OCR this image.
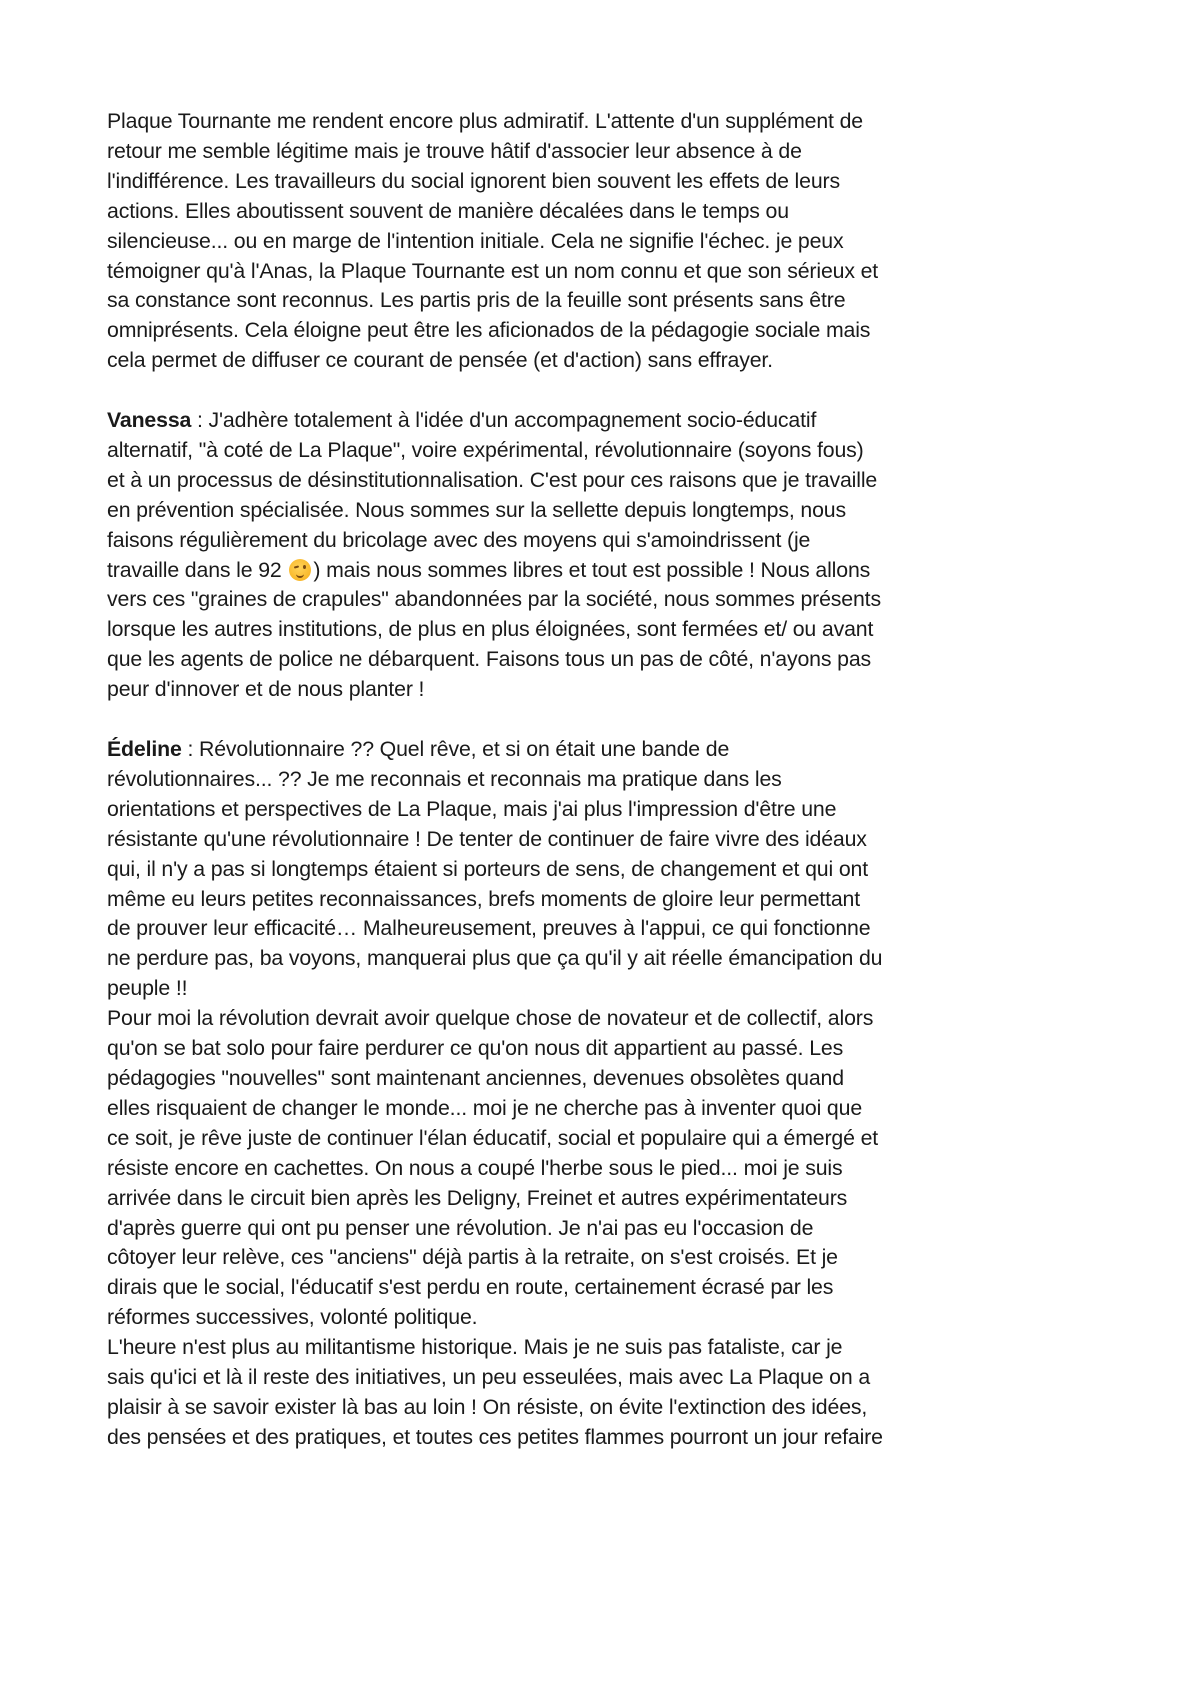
Plaque Tournante me rendent encore plus admiratif. L'attente d'un supplément de
retour me semble légitime mais je trouve hâtif d'associer leur absence à de
l'indifférence. Les travailleurs du social ignorent bien souvent les effets de leurs
actions. Elles aboutissent souvent de manière décalées dans le temps ou
silencieuse... ou en marge de l'intention initiale. Cela ne signifie l'échec. je peux
témoigner qu'à l'Anas, la Plaque Tournante est un nom connu et que son sérieux et
sa constance sont reconnus. Les partis pris de la feuille sont présents sans être
omniprésents. Cela éloigne peut être les aficionados de la pédagogie sociale mais
cela permet de diffuser ce courant de pensée (et d'action) sans effrayer.
Vanessa : J'adhère totalement à l'idée d'un accompagnement socio-éducatif
alternatif, "à coté de La Plaque", voire expérimental, révolutionnaire (soyons fous)
et à un processus de désinstitutionnalisation. C'est pour ces raisons que je travaille
en prévention spécialisée. Nous sommes sur la sellette depuis longtemps, nous
faisons régulièrement du bricolage avec des moyens qui s'amoindrissent (je
travaille dans le 92
) mais nous sommes libres et tout est possible ! Nous allons
vers ces "graines de crapules" abandonnées par la société, nous sommes présents
lorsque les autres institutions, de plus en plus éloignées, sont fermées et/ ou avant
que les agents de police ne débarquent. Faisons tous un pas de côté, n'ayons pas
peur d'innover et de nous planter !
Édeline : Révolutionnaire ?? Quel rêve, et si on était une bande de
révolutionnaires... ?? Je me reconnais et reconnais ma pratique dans les
orientations et perspectives de La Plaque, mais j'ai plus l'impression d'être une
résistante qu'une révolutionnaire ! De tenter de continuer de faire vivre des idéaux
qui, il n'y a pas si longtemps étaient si porteurs de sens, de changement et qui ont
même eu leurs petites reconnaissances, brefs moments de gloire leur permettant
de prouver leur efficacité… Malheureusement, preuves à l'appui, ce qui fonctionne
ne perdure pas, ba voyons, manquerai plus que ça qu'il y ait réelle émancipation du
peuple !!
Pour moi la révolution devrait avoir quelque chose de novateur et de collectif, alors
qu'on se bat solo pour faire perdurer ce qu'on nous dit appartient au passé. Les
pédagogies "nouvelles" sont maintenant anciennes, devenues obsolètes quand
elles risquaient de changer le monde... moi je ne cherche pas à inventer quoi que
ce soit, je rêve juste de continuer l'élan éducatif, social et populaire qui a émergé et
résiste encore en cachettes. On nous a coupé l'herbe sous le pied... moi je suis
arrivée dans le circuit bien après les Deligny, Freinet et autres expérimentateurs
d'après guerre qui ont pu penser une révolution. Je n'ai pas eu l'occasion de
côtoyer leur relève, ces "anciens" déjà partis à la retraite, on s'est croisés. Et je
dirais que le social, l'éducatif s'est perdu en route, certainement écrasé par les
réformes successives, volonté politique.
L'heure n'est plus au militantisme historique. Mais je ne suis pas fataliste, car je
sais qu'ici et là il reste des initiatives, un peu esseulées, mais avec La Plaque on a
plaisir à se savoir exister là bas au loin ! On résiste, on évite l'extinction des idées,
des pensées et des pratiques, et toutes ces petites flammes pourront un jour refaire
